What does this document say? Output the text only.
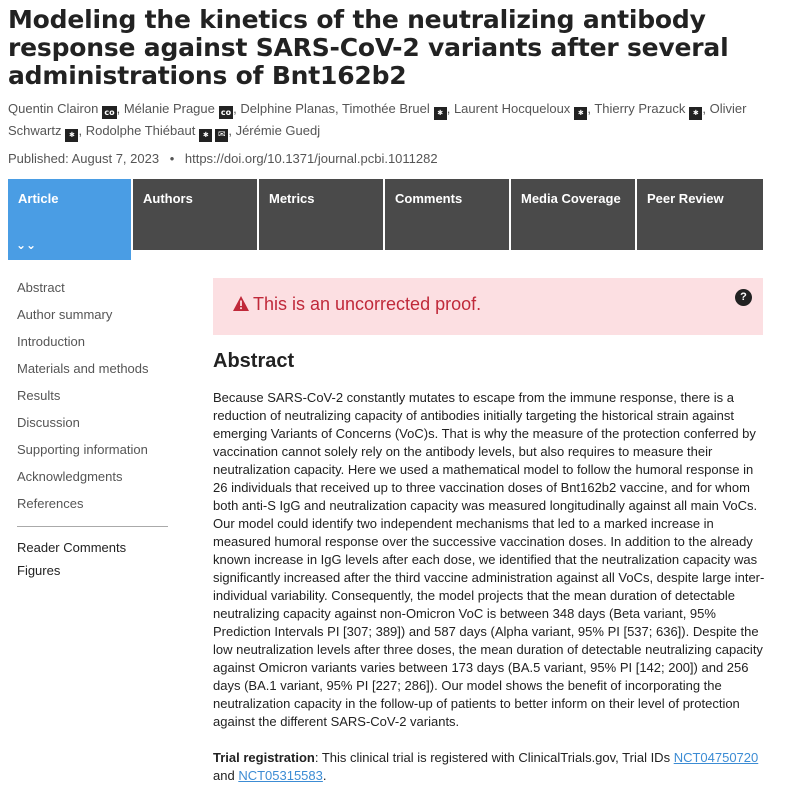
Modeling the kinetics of the neutralizing antibody response against SARS-CoV-2 variants after several administrations of Bnt162b2
Quentin Clairon co , Mélanie Prague co , Delphine Planas, Timothée Bruel ✱ , Laurent Hocqueloux ✱ , Thierry Prazuck ✱ , Olivier Schwartz ✱ , Rodolphe Thiébaut ✱ ✉ , Jérémie Guedj
Published: August 7, 2023 • https://doi.org/10.1371/journal.pcbi.1011282
Article
⌄⌄
Authors	Metrics	Comments	Media Coverage	Peer Review
Abstract
Author summary
Introduction
Materials and methods
Results
Discussion
Supporting information
Acknowledgments
References
Reader Comments
Figures
This is an uncorrected proof.	?
Abstract

Because SARS-CoV-2 constantly mutates to escape from the immune response, there is a reduction of neutralizing capacity of antibodies initially targeting the historical strain against emerging Variants of Concerns (VoC)s. That is why the measure of the protection conferred by vaccination cannot solely rely on the antibody levels, but also requires to measure their neutralization capacity. Here we used a mathematical model to follow the humoral response in 26 individuals that received up to three vaccination doses of Bnt162b2 vaccine, and for whom both anti-S IgG and neutralization capacity was measured longitudinally against all main VoCs. Our model could identify two independent mechanisms that led to a marked increase in measured humoral response over the successive vaccination doses. In addition to the already known increase in IgG levels after each dose, we identified that the neutralization capacity was significantly increased after the third vaccine administration against all VoCs, despite large inter-individual variability. Consequently, the model projects that the mean duration of detectable neutralizing capacity against non-Omicron VoC is between 348 days (Beta variant, 95% Prediction Intervals PI [307; 389]) and 587 days (Alpha variant, 95% PI [537; 636]). Despite the low neutralization levels after three doses, the mean duration of detectable neutralizing capacity against Omicron variants varies between 173 days (BA.5 variant, 95% PI [142; 200]) and 256 days (BA.1 variant, 95% PI [227; 286]). Our model shows the benefit of incorporating the neutralization capacity in the follow-up of patients to better inform on their level of protection against the different SARS-CoV-2 variants.

Trial registration: This clinical trial is registered with ClinicalTrials.gov, Trial IDs NCT04750720
and NCT05315583.
